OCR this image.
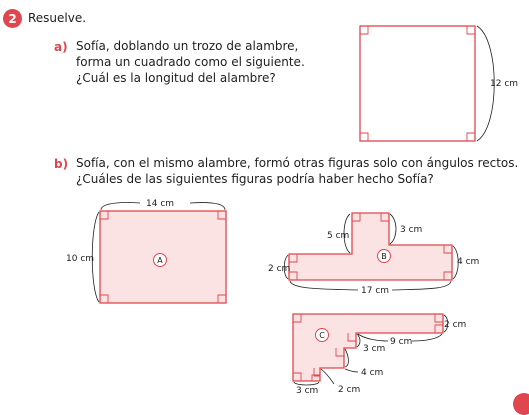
2 Resuelve.
a) Sofía, doblando un trozo de alambre,
forma un cuadrado como el siguiente.
¿Cuál es la longitud del alambre?
b) Sofía, con el mismo alambre, formó otras figuras solo con ángulos rectos.
¿Cuáles de las siguientes figuras podría haber hecho Sofía?
12 cm
14 cm
10 cm	A
5 cm
3 cm
2 cm
4 cm
17 cm
B
2 cm
9 cm
3 cm
4 cm
3 cm 2 cm
C
